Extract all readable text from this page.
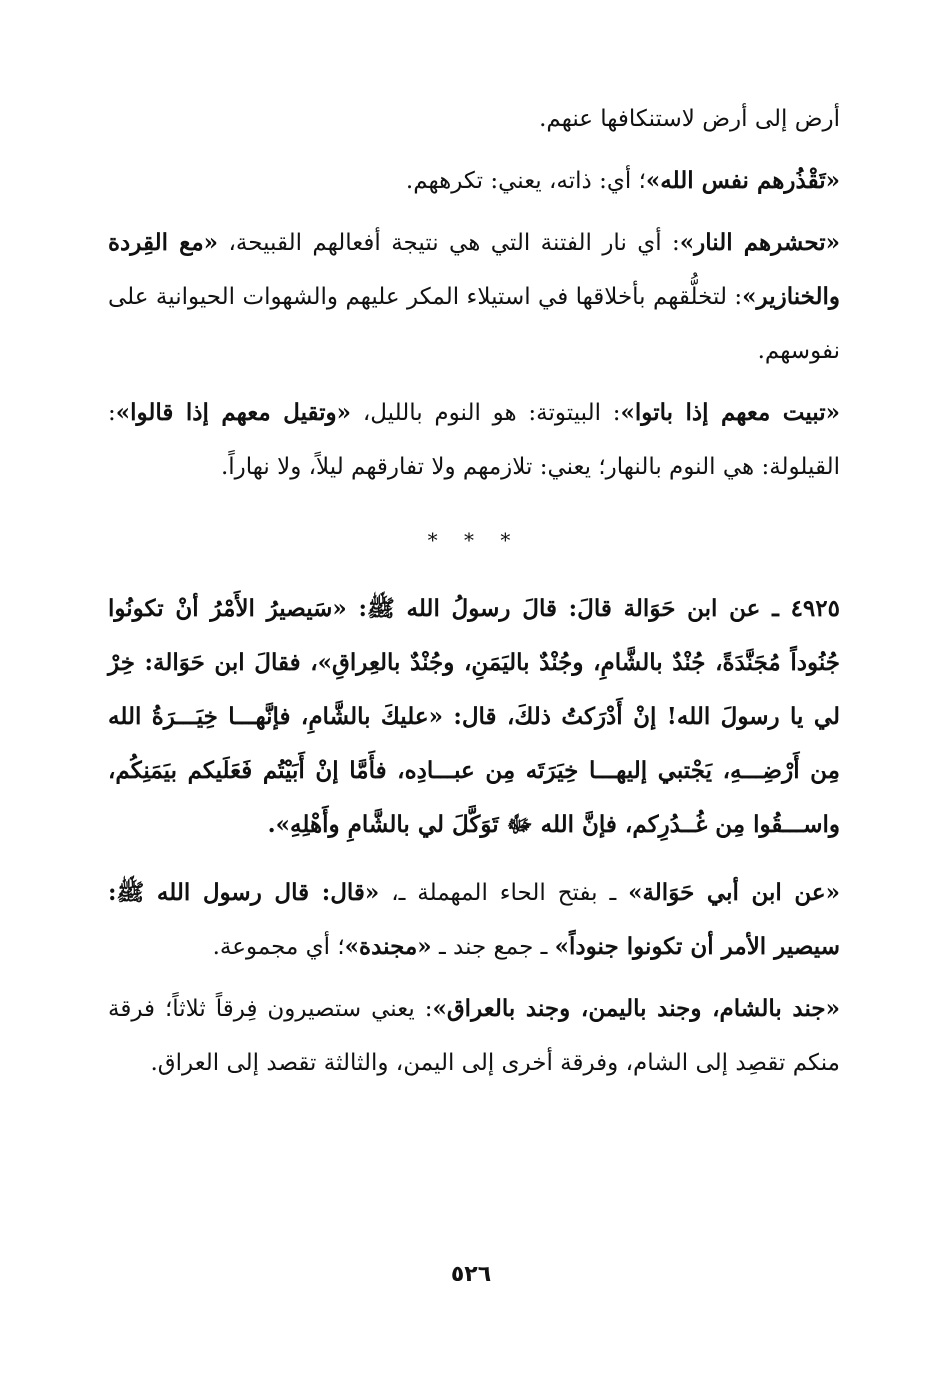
أرض إلى أرض لاستنكافها عنهم.

«تَقْذُرهم نفس الله»؛ أي: ذاته، يعني: تكرههم.

«تحشرهم النار»: أي نار الفتنة التي هي نتيجة أفعالهم القبيحة، «مع القِردة والخنازير»: لتخلُّقهم بأخلاقها في استيلاء المكر عليهم والشهوات الحيوانية على نفوسهم.

«تبيت معهم إذا باتوا»: البيتوتة: هو النوم بالليل، «وتقيل معهم إذا قالوا»: القيلولة: هي النوم بالنهار؛ يعني: تلازمهم ولا تفارقهم ليلاً، ولا نهاراً.

* * *

٤٩٢٥ ـ عن ابن حَوَالة قالَ: قالَ رسولُ الله ﷺ: «سَيصيرُ الأَمْرُ أنْ تكونُوا جُنُوداً مُجَنَّدَةً، جُنْدٌ بالشَّامِ، وجُنْدٌ باليَمَنِ، وجُنْدٌ بالعِراقِ»، فقالَ ابن حَوَالة: خِرْ لي يا رسولَ الله! إنْ أَدْرَكتُ ذلكَ، قال: «عليكَ بالشَّامِ، فإنَّهـــا خِيَـــرَةُ الله مِن أَرْضِـــهِ، يَجْتبي إليهـــا خِيَرَتَه مِن عبـــادِه، فأَمَّا إنْ أَبَيْتُم فَعَلَيكم بيَمَنِكُم، واســـقُوا مِن غُــدُرِكم، فإنَّ الله ﷻ تَوَكَّلَ لي بالشَّامِ وأَهْلِهِ».

«عن ابن أبي حَوَالة» ـ بفتح الحاء المهملة ـ، «قال: قال رسول الله ﷺ: سيصير الأمر أن تكونوا جنوداً» ـ جمع جند ـ «مجندة»؛ أي مجموعة.

«جند بالشام، وجند باليمن، وجند بالعراق»: يعني ستصيرون فِرقاً ثلاثاً؛ فرقة منكم تقصِد إلى الشام، وفرقة أخرى إلى اليمن، والثالثة تقصد إلى العراق.

٥٢٦
